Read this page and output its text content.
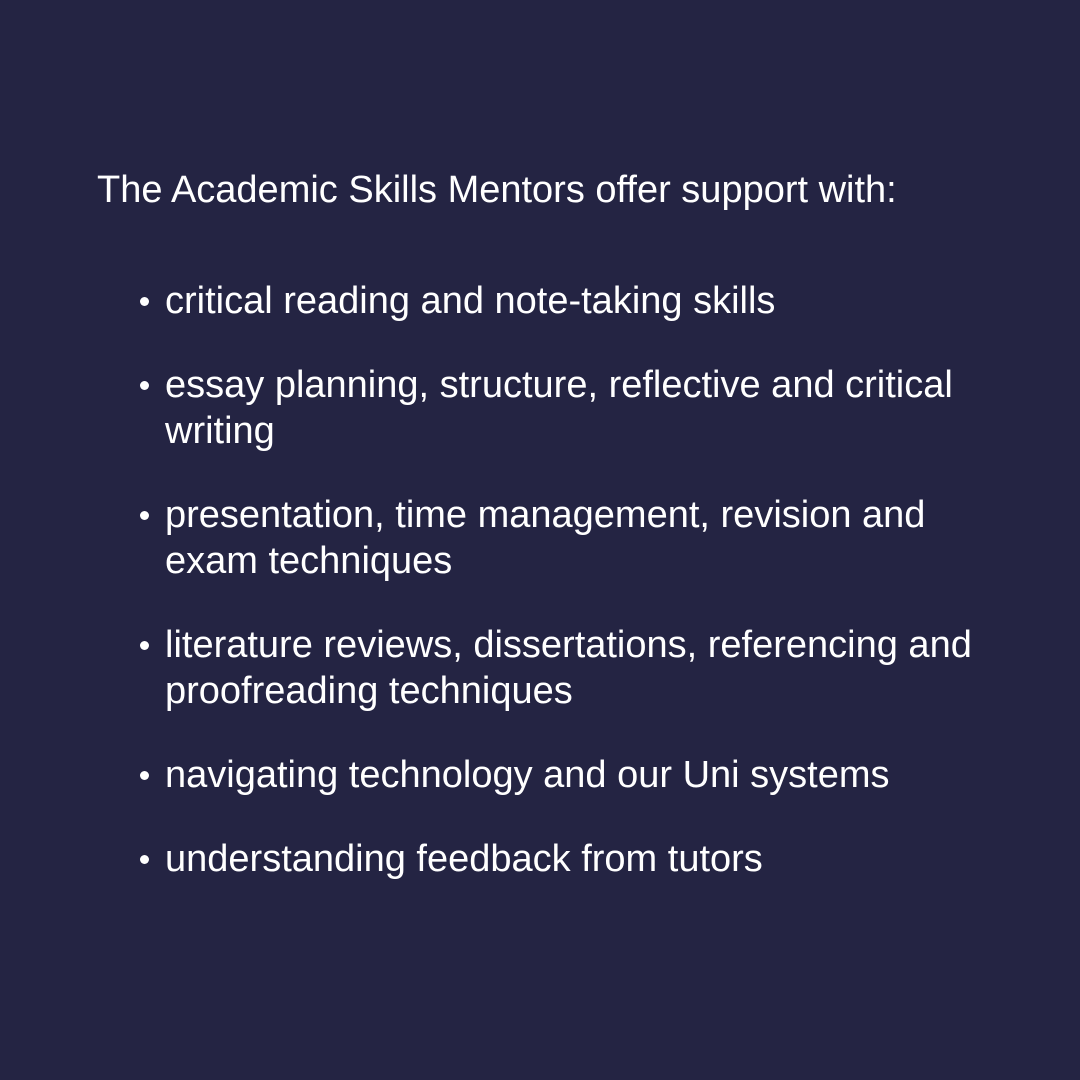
The Academic Skills Mentors offer support with:

critical reading and note-taking skills
essay planning, structure, reflective and critical writing
presentation, time management, revision and exam techniques
literature reviews, dissertations, referencing and proofreading techniques
navigating technology and our Uni systems
understanding feedback from tutors
